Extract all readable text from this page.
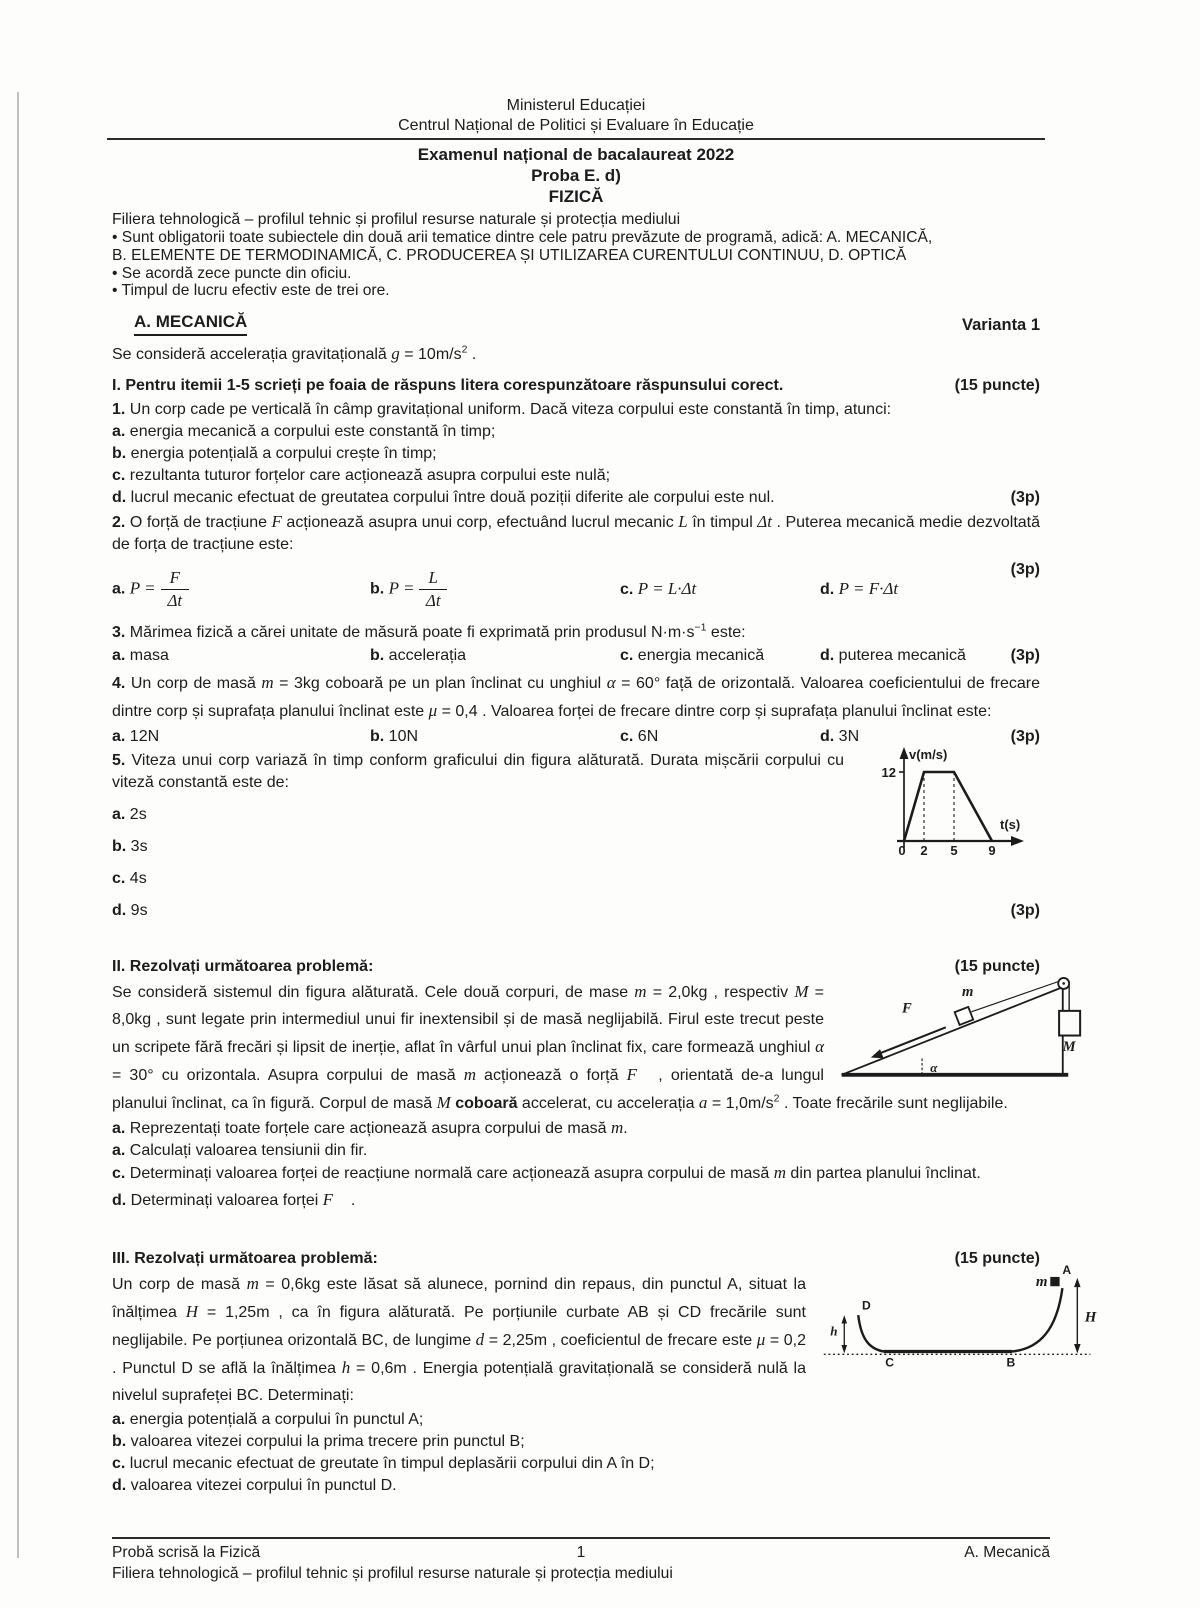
Ministerul Educației
Centrul Național de Politici și Evaluare în Educație
Examenul național de bacalaureat 2022
Proba E. d)
FIZICĂ
Filiera tehnologică – profilul tehnic și profilul resurse naturale și protecția mediului
• Sunt obligatorii toate subiectele din două arii tematice dintre cele patru prevăzute de programă, adică: A. MECANICĂ,
B. ELEMENTE DE TERMODINAMICĂ, C. PRODUCEREA ȘI UTILIZAREA CURENTULUI CONTINUU, D. OPTICĂ
• Se acordă zece puncte din oficiu.
• Timpul de lucru efectiv este de trei ore.
A. MECANICĂ	Varianta 1
Se consideră accelerația gravitațională $g = 10m/s^2$ .
I. Pentru itemii 1-5 scrieți pe foaia de răspuns litera corespunzătoare răspunsului corect.	(15 puncte)
1. Un corp cade pe verticală în câmp gravitațional uniform. Dacă viteza corpului este constantă în timp, atunci:
a. energia mecanică a corpului este constantă în timp;
b. energia potențială a corpului crește în timp;
c. rezultanta tuturor forțelor care acționează asupra corpului este nulă;
d. lucrul mecanic efectuat de greutatea corpului între două poziții diferite ale corpului este nul.	(3p)
2. O forță de tracțiune F acționează asupra unui corp, efectuând lucrul mecanic L în timpul Δt . Puterea mecanică medie dezvoltată de forța de tracțiune este:
a. $P = \frac{F}{\Delta t}$	b. $P = \frac{L}{\Delta t}$	c. P = L·Δt	d. P = F·Δt
(3p)
3. Mărimea fizică a cărei unitate de măsură poate fi exprimată prin produsul $N\cdot m\cdot s^{-1}$ este:
a. masa	b. accelerația	c. energia mecanică	d. puterea mecanică	(3p)
4. Un corp de masă m = 3kg coboară pe un plan înclinat cu unghiul α = 60° față de orizontală. Valoarea coeficientului de frecare dintre corp și suprafața planului înclinat este μ = 0,4 . Valoarea forței de frecare dintre corp și suprafața planului înclinat este:
a. 12N	b. 10N	c. 6N	d. 3N	(3p)
v(m/s)
t(s)
12
0 2 5 9
5. Viteza unui corp variază în timp conform graficului din figura alăturată. Durata mișcării corpului cu viteză constantă este de:
a. 2s
b. 3s
c. 4s
d. 9s	(3p)
II. Rezolvați următoarea problemă:	(15 puncte)
F⃗
m
M
α
Se consideră sistemul din figura alăturată. Cele două corpuri, de mase m = 2,0kg , respectiv M = 8,0kg , sunt legate prin intermediul unui fir inextensibil și de masă neglijabilă. Firul este trecut peste un scripete fără frecări și lipsit de inerție, aflat în vârful unui plan înclinat fix, care formează unghiul α = 30° cu orizontala. Asupra corpului de masă m acționează o forță F⃗ , orientată de-a lungul planului înclinat, ca în figură. Corpul de masă M coboară accelerat, cu accelerația $a = 1,0m/s^2$ . Toate frecările sunt neglijabile.
a. Reprezentați toate forțele care acționează asupra corpului de masă m.
a. Calculați valoarea tensiunii din fir.
c. Determinați valoarea forței de reacțiune normală care acționează asupra corpului de masă m din partea planului înclinat.
d. Determinați valoarea forței F⃗ .
III. Rezolvați următoarea problemă:	(15 puncte)
m
A
B
C
D
H
h
Un corp de masă m = 0,6kg este lăsat să alunece, pornind din repaus, din punctul A, situat la înălțimea H = 1,25m , ca în figura alăturată. Pe porțiunile curbate AB și CD frecările sunt neglijabile. Pe porțiunea orizontală BC, de lungime d = 2,25m , coeficientul de frecare este μ = 0,2 . Punctul D se află la înălțimea h = 0,6m . Energia potențială gravitațională se consideră nulă la nivelul suprafeței BC. Determinați:
a. energia potențială a corpului în punctul A;
b. valoarea vitezei corpului la prima trecere prin punctul B;
c. lucrul mecanic efectuat de greutate în timpul deplasării corpului din A în D;
d. valoarea vitezei corpului în punctul D.
Probă scrisă la Fizică	1	A. Mecanică
Filiera tehnologică – profilul tehnic și profilul resurse naturale și protecția mediului
